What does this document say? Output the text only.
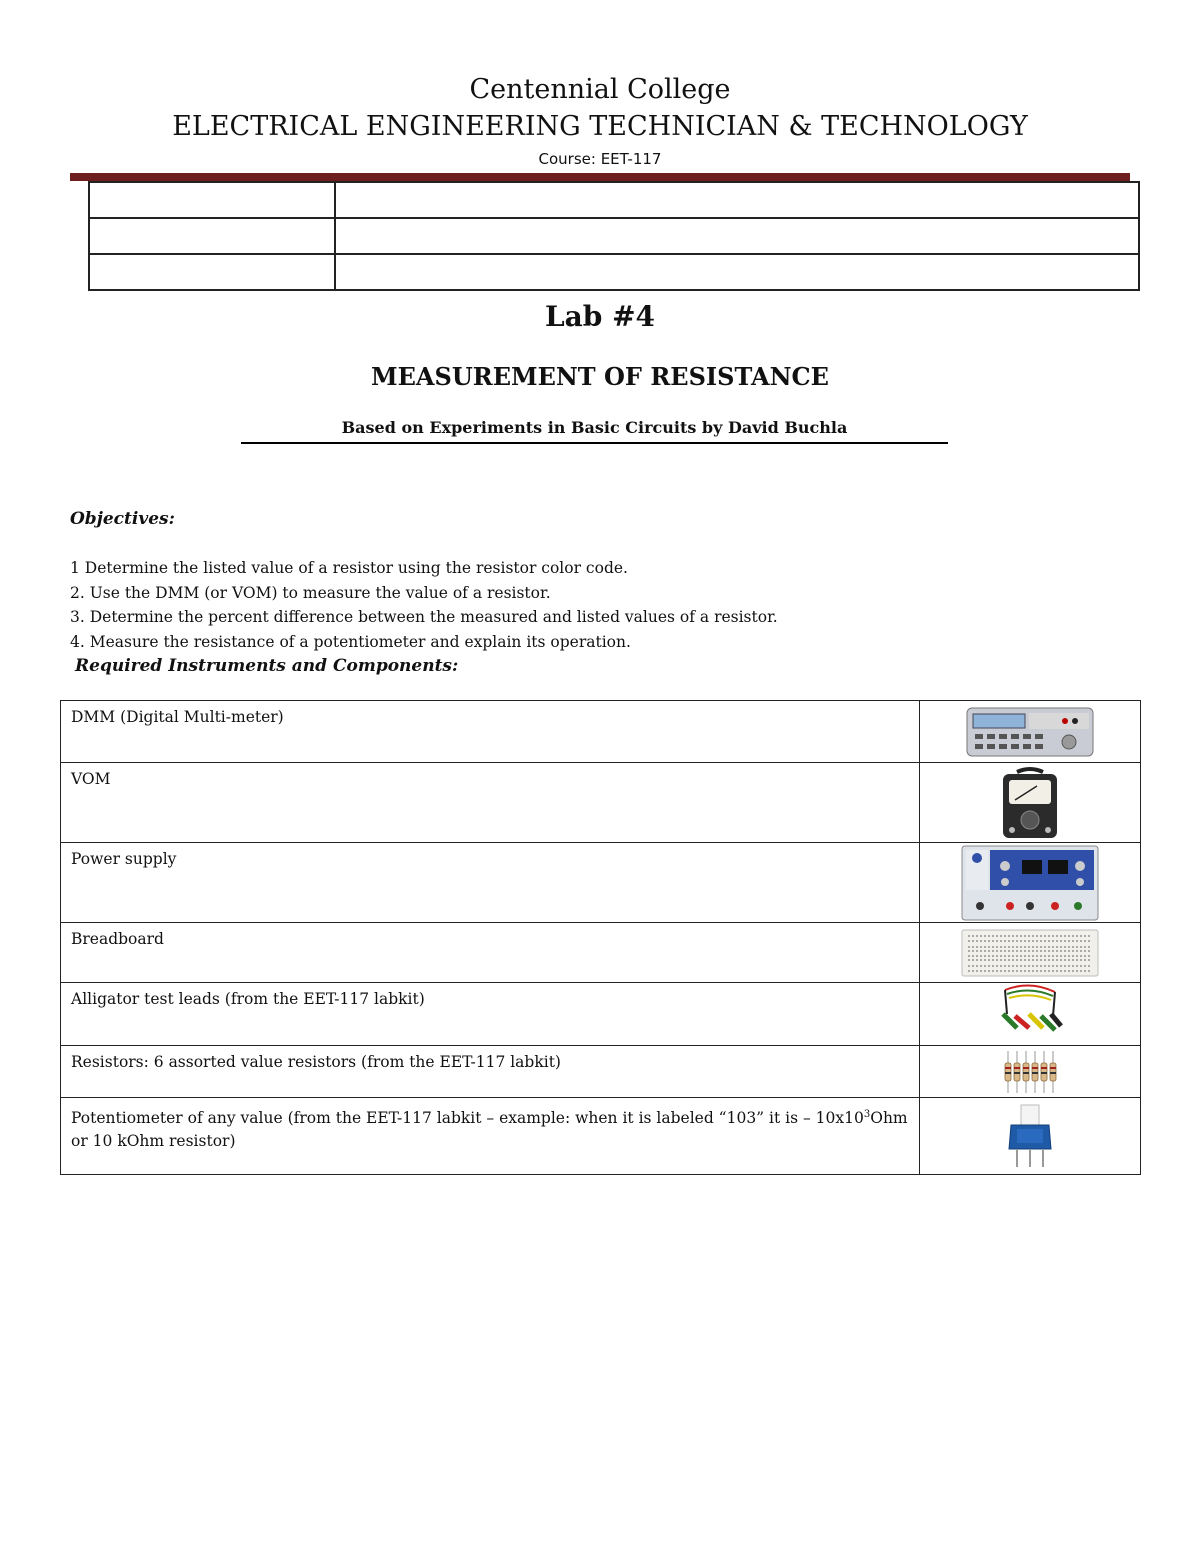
Centennial College
ELECTRICAL ENGINEERING TECHNICIAN & TECHNOLOGY
Course: EET-117

Lab #4
MEASUREMENT OF RESISTANCE
Based on Experiments in Basic Circuits by David Buchla
Objectives:
1 Determine the listed value of a resistor using the resistor color code.
2. Use the DMM (or VOM) to measure the value of a resistor.
3. Determine the percent difference between the measured and listed values of a resistor.
4. Measure the resistance of a potentiometer and explain its operation.
Required Instruments and Components:
DMM (Digital Multi-meter)	

VOM	

Power supply	

Breadboard	

Alligator test leads (from the EET-117 labkit)	

Resistors: 6 assorted value resistors (from the EET-117 labkit)	

Potentiometer of any value (from the EET-117 labkit – example: when it is labeled “103” it is – $10x10^3Ohm$ or 10 kOhm resistor)	
